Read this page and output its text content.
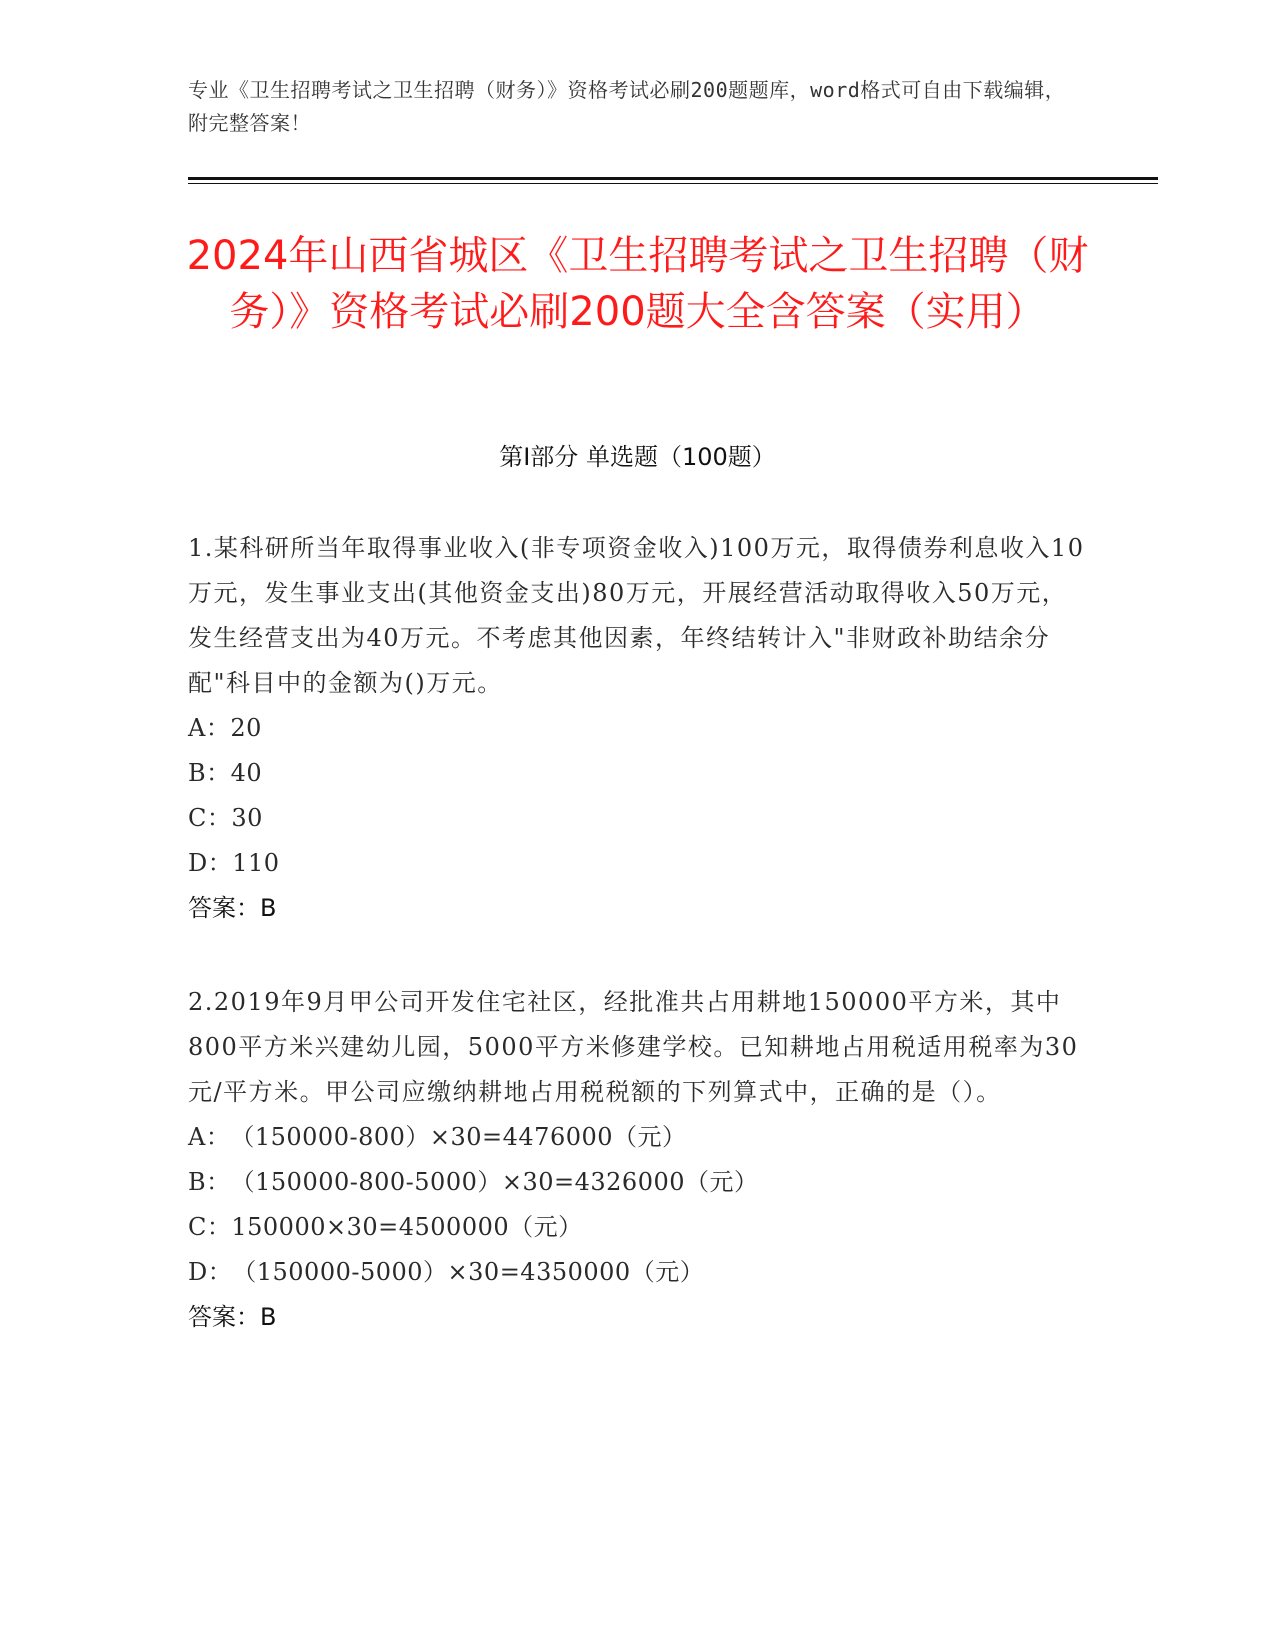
专业《卫生招聘考试之卫生招聘（财务）》资格考试必刷200题题库，word格式可自由下载编辑，附完整答案！
2024年山西省城区《卫生招聘考试之卫生招聘（财务）》资格考试必刷200题大全含答案（实用）
第I部分 单选题（100题）

1.某科研所当年取得事业收入(非专项资金收入)100万元，取得债券利息收入10万元，发生事业支出(其他资金支出)80万元，开展经营活动取得收入50万元，发生经营支出为40万元。不考虑其他因素，年终结转计入"非财政补助结余分配"科目中的金额为()万元。

A：20

B：40

C：30

D：110

答案：B

2.2019年9月甲公司开发住宅社区，经批准共占用耕地150000平方米，其中800平方米兴建幼儿园，5000平方米修建学校。已知耕地占用税适用税率为30元/平方米。甲公司应缴纳耕地占用税税额的下列算式中，正确的是（）。

A：（150000-800）×30=4476000（元）

B：（150000-800-5000）×30=4326000（元）

C：150000×30=4500000（元）

D：（150000-5000）×30=4350000（元）

答案：B
